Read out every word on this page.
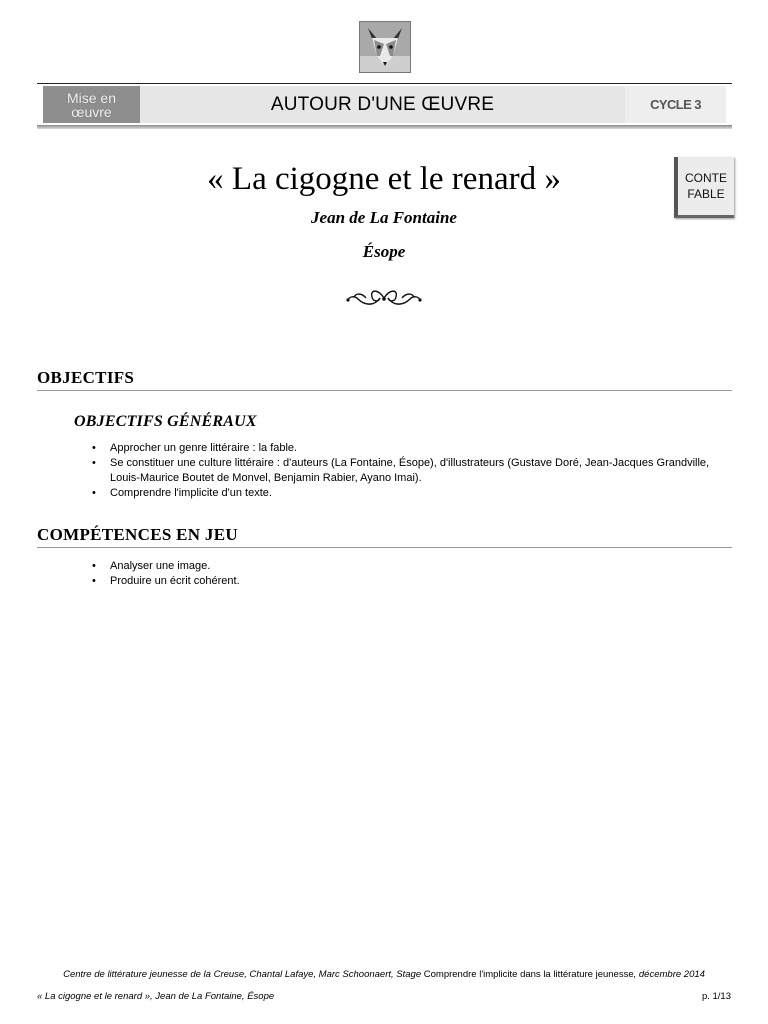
Mise en
œuvre	AUTOUR D'UNE ŒUVRE	CYCLE 3
« La cigogne et le renard »
Jean de La Fontaine
Ésope
CONTE
FABLE
OBJECTIFS
OBJECTIFS GÉNÉRAUX
• Approcher un genre littéraire : la fable.
• Se constituer une culture littéraire : d'auteurs (La Fontaine, Ésope), d'illustrateurs (Gustave Doré, Jean-Jacques Grandville, Louis-Maurice Boutet de Monvel, Benjamin Rabier, Ayano Imai).
• Comprendre l'implicite d'un texte.
COMPÉTENCES EN JEU
• Analyser une image.
• Produire un écrit cohérent.
Centre de littérature jeunesse de la Creuse, Chantal Lafaye, Marc Schoonaert, Stage Comprendre l'implicite dans la littérature jeunesse, décembre 2014
« La cigogne et le renard », Jean de La Fontaine, Ésope	p. 1/13
